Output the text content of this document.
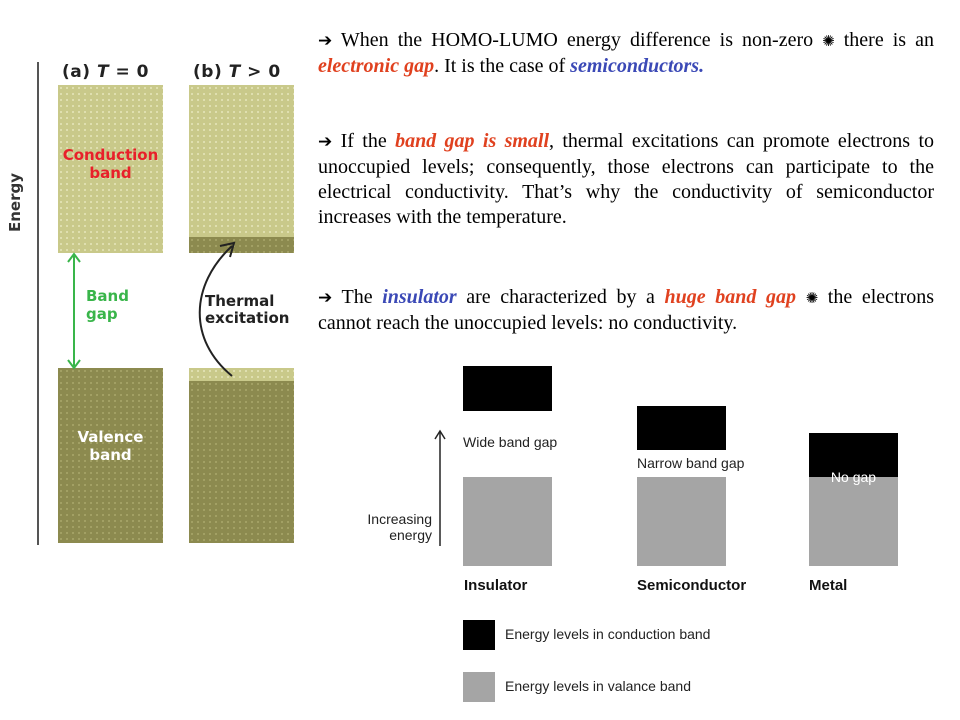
Energy
(a) T = 0	(b) T > 0
Conduction
band
Valence
band
Band
gap
Thermal
excitation
➔ When the HOMO-LUMO energy difference is non-zero ✺ there is an electronic gap. It is the case of semiconductors.
➔ If the band gap is small, thermal excitations can promote electrons to unoccupied levels; consequently, those electrons can participate to the electrical conductivity. That’s why the conductivity of semiconductor increases with the temperature.
➔ The insulator are characterized by a huge band gap ✺ the electrons cannot reach the unoccupied levels: no conductivity.
Wide band gap
Insulator
Narrow band gap
Semiconductor
No gap
Metal
Increasing
energy
Energy levels in conduction band
Energy levels in valance band
